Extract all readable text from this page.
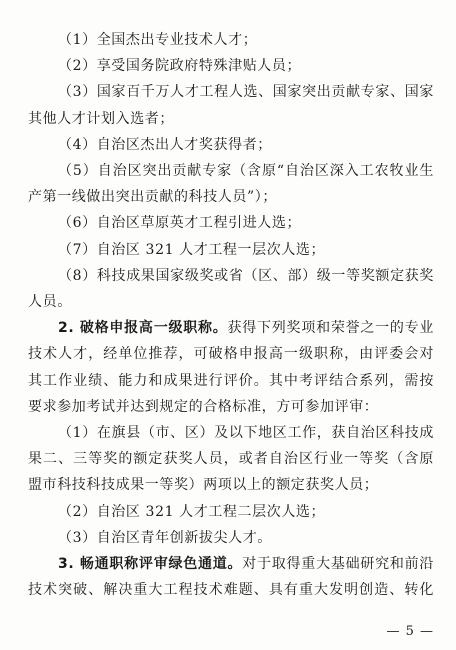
（1）全国杰出专业技术人才；
（2）享受国务院政府特殊津贴人员；
（3）国家百千万人才工程人选、国家突出贡献专家、国家
其他人才计划入选者；
（4）自治区杰出人才奖获得者；
（5）自治区突出贡献专家（含原“自治区深入工农牧业生
产第一线做出突出贡献的科技人员”）；
（6）自治区草原英才工程引进人选；
（7）自治区 321 人才工程一层次人选；
（8）科技成果国家级奖或省（区、部）级一等奖额定获奖
人员。
2. 破格申报高一级职称。获得下列奖项和荣誉之一的专业
技术人才，经单位推荐，可破格申报高一级职称，由评委会对
其工作业绩、能力和成果进行评价。其中考评结合系列，需按
要求参加考试并达到规定的合格标准，方可参加评审：
（1）在旗县（市、区）及以下地区工作，获自治区科技成
果二、三等奖的额定获奖人员，或者自治区行业一等奖（含原
盟市科技科技成果一等奖）两项以上的额定获奖人员；
（2）自治区 321 人才工程二层次人选；
（3）自治区青年创新拔尖人才。
3. 畅通职称评审绿色通道。对于取得重大基础研究和前沿
技术突破、解决重大工程技术难题、具有重大发明创造、转化
— 5 —
